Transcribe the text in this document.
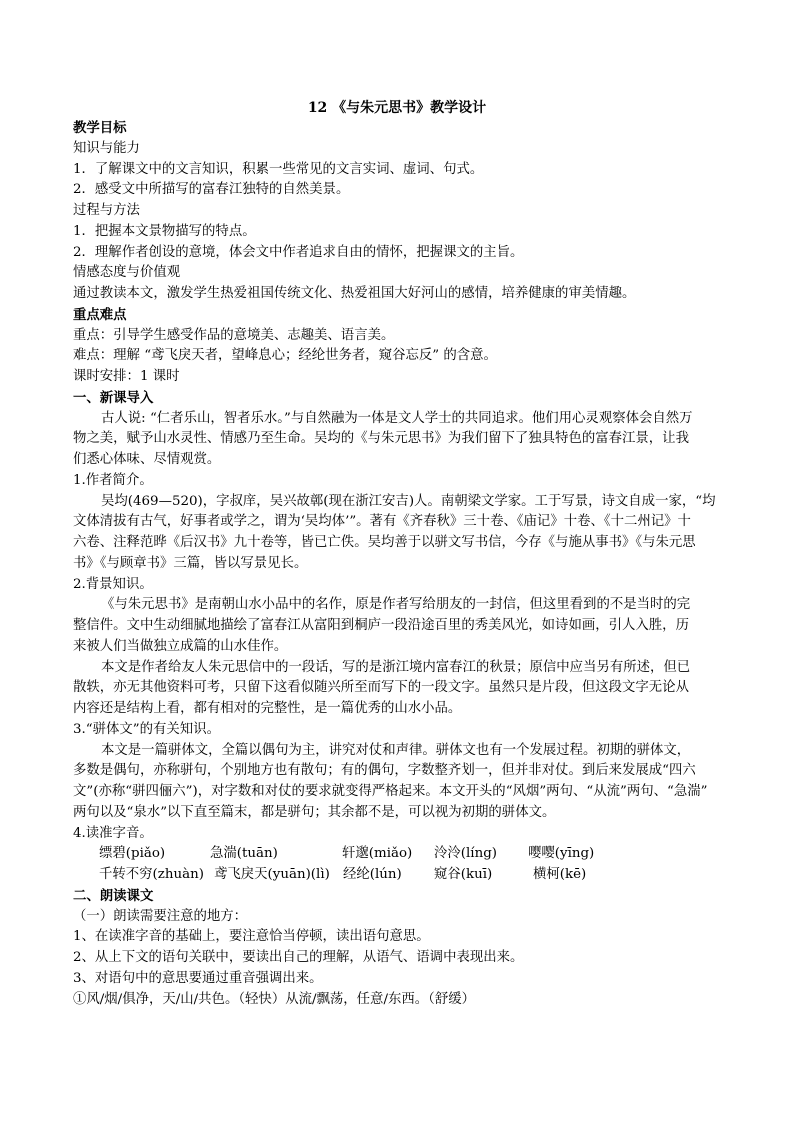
12 《与朱元思书》教学设计
教学目标
知识与能力
1．了解课文中的文言知识，积累一些常见的文言实词、虚词、句式。
2．感受文中所描写的富春江独特的自然美景。
过程与方法
1．把握本文景物描写的特点。
2．理解作者创设的意境，体会文中作者追求自由的情怀，把握课文的主旨。
情感态度与价值观
通过教读本文，激发学生热爱祖国传统文化、热爱祖国大好河山的感情，培养健康的审美情趣。
重点难点
重点：引导学生感受作品的意境美、志趣美、语言美。
难点：理解 “鸢飞戾天者，望峰息心；经纶世务者，窥谷忘反” 的含意。
课时安排：1 课时
一、新课导入
古人说: “仁者乐山，智者乐水。”与自然融为一体是文人学士的共同追求。他们用心灵观察体会自然万
物之美，赋予山水灵性、情感乃至生命。吴均的《与朱元思书》为我们留下了独具特色的富春江景，让我
们悉心体味、尽情观赏。
1.作者简介。
吴均(469—520)，字叔庠，吴兴故鄣(现在浙江安吉)人。南朝梁文学家。工于写景，诗文自成一家，“均
文体清拔有古气，好事者或学之，谓为‘吴均体’”。著有《齐春秋》三十卷、《庙记》十卷、《十二州记》十
六卷、注释范晔《后汉书》九十卷等，皆已亡佚。吴均善于以骈文写书信，今存《与施从事书》《与朱元思
书》《与顾章书》三篇，皆以写景见长。
2.背景知识。
《与朱元思书》是南朝山水小品中的名作，原是作者写给朋友的一封信，但这里看到的不是当时的完
整信件。文中生动细腻地描绘了富春江从富阳到桐庐一段沿途百里的秀美风光，如诗如画，引人入胜，历
来被人们当做独立成篇的山水佳作。
本文是作者给友人朱元思信中的一段话，写的是浙江境内富春江的秋景；原信中应当另有所述，但已
散轶，亦无其他资料可考，只留下这看似随兴所至而写下的一段文字。虽然只是片段，但这段文字无论从
内容还是结构上看，都有相对的完整性，是一篇优秀的山水小品。
3.“骈体文”的有关知识。
本文是一篇骈体文，全篇以偶句为主，讲究对仗和声律。骈体文也有一个发展过程。初期的骈体文，
多数是偶句，亦称骈句，个别地方也有散句；有的偶句，字数整齐划一，但并非对仗。到后来发展成“四六
文”(亦称“骈四俪六”)，对字数和对仗的要求就变得严格起来。本文开头的“风烟”两句、“从流”两句、“急湍”
两句以及“泉水”以下直至篇末，都是骈句；其余都不是，可以视为初期的骈体文。
4.读准字音。
缥碧(piǎo)	急湍(tuān)	轩邈(miǎo) 泠泠(líng) 嘤嘤(yīng)
千转不穷(zhuàn) 鸢飞戾天(yuān)(lì) 经纶(lún) 窥谷(kuī)	横柯(kē)
二、朗读课文
（一）朗读需要注意的地方：
1、在读准字音的基础上，要注意恰当停顿，读出语句意思。
2、从上下文的语句关联中，要读出自己的理解，从语气、语调中表现出来。
3、对语句中的意思要通过重音强调出来。
①风/烟/俱净，天/山/共色。（轻快）从流/飘荡，任意/东西。（舒缓）
